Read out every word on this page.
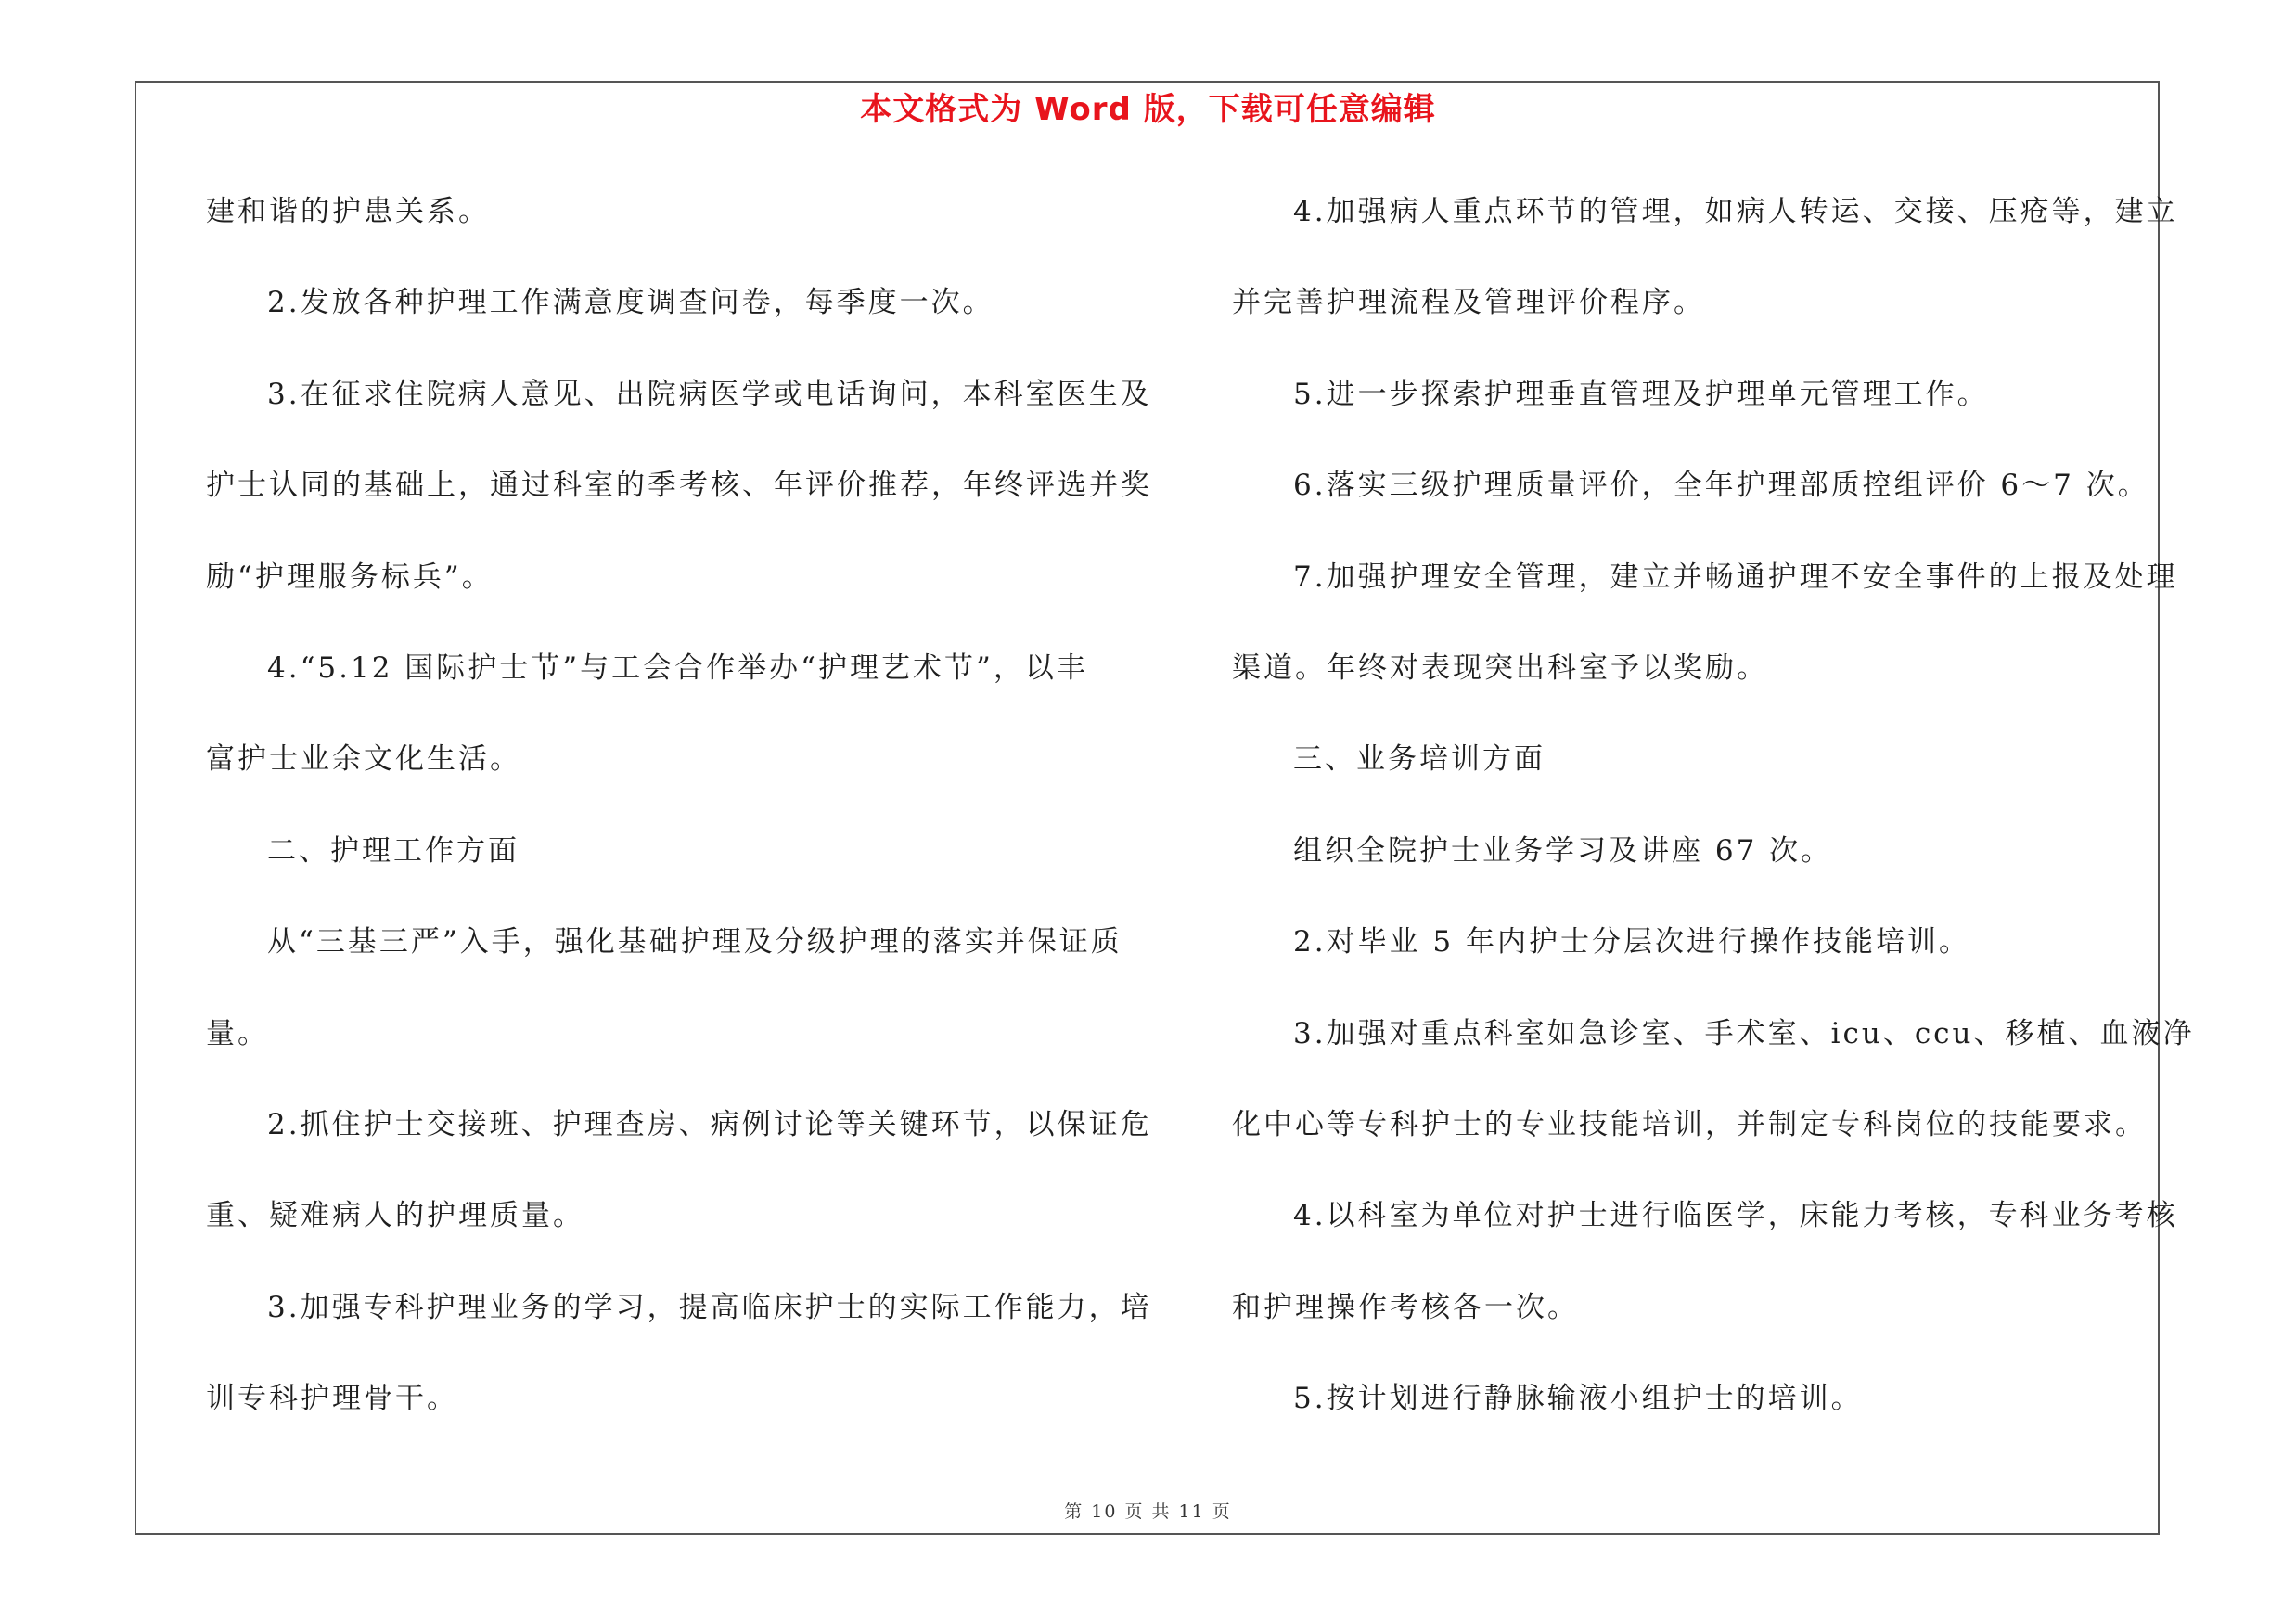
本文格式为 Word 版，下载可任意编辑
建和谐的护患关系。
2.发放各种护理工作满意度调查问卷，每季度一次。
3.在征求住院病人意见、出院病医学或电话询问，本科室医生及
护士认同的基础上，通过科室的季考核、年评价推荐，年终评选并奖
励“护理服务标兵”。
4.“5.12 国际护士节”与工会合作举办“护理艺术节”，以丰
富护士业余文化生活。
二、护理工作方面
从“三基三严”入手，强化基础护理及分级护理的落实并保证质
量。
2.抓住护士交接班、护理查房、病例讨论等关键环节，以保证危
重、疑难病人的护理质量。
3.加强专科护理业务的学习，提高临床护士的实际工作能力，培
训专科护理骨干。
4.加强病人重点环节的管理，如病人转运、交接、压疮等，建立
并完善护理流程及管理评价程序。
5.进一步探索护理垂直管理及护理单元管理工作。
6.落实三级护理质量评价，全年护理部质控组评价 6～7 次。
7.加强护理安全管理，建立并畅通护理不安全事件的上报及处理
渠道。年终对表现突出科室予以奖励。
三、业务培训方面
组织全院护士业务学习及讲座 67 次。
2.对毕业 5 年内护士分层次进行操作技能培训。
3.加强对重点科室如急诊室、手术室、icu、ccu、移植、血液净
化中心等专科护士的专业技能培训，并制定专科岗位的技能要求。
4.以科室为单位对护士进行临医学，床能力考核，专科业务考核
和护理操作考核各一次。
5.按计划进行静脉输液小组护士的培训。
第 10 页 共 11 页
